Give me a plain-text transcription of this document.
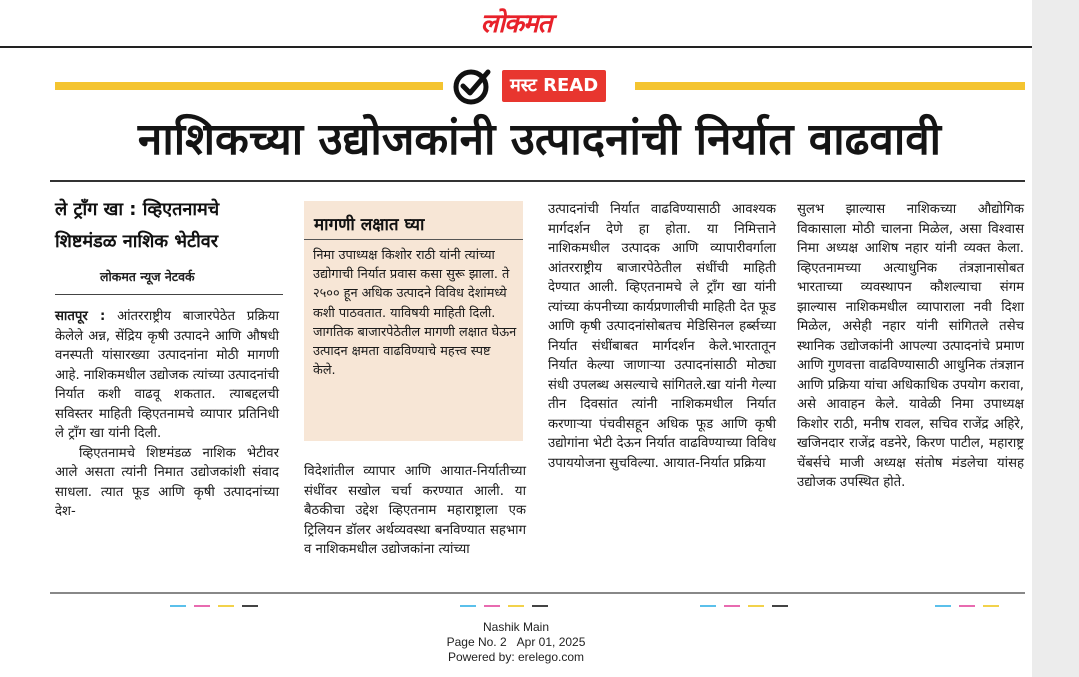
लोकमत
मस्ट READ
नाशिकच्या उद्योजकांनी उत्पादनांची निर्यात वाढवावी
ले ट्रॉंग खा : व्हिएतनामचे
शिष्टमंडळ नाशिक भेटीवर
लोकमत न्यूज नेटवर्क

सातपूर : आंतरराष्ट्रीय बाजारपेठेत प्रक्रिया केलेले अन्न, सेंद्रिय कृषी उत्पादने आणि औषधी वनस्पती यांसारख्या उत्पादनांना मोठी मागणी आहे. नाशिकमधील उद्योजक त्यांच्या उत्पादनांची निर्यात कशी वाढवू शकतात. त्याबद्दलची सविस्तर माहिती व्हिएतनामचे व्यापार प्रतिनिधी ले ट्रॉंग खा यांनी दिली.

व्हिएतनामचे शिष्टमंडळ नाशिक भेटीवर आले असता त्यांनी निमात उद्योजकांशी संवाद साधला. त्यात फूड आणि कृषी उत्पादनांच्या देश-

मागणी लक्षात घ्या
निमा उपाध्यक्ष किशोर राठी यांनी त्यांच्या उद्योगाची निर्यात प्रवास कसा सुरू झाला. ते २५०० हून अधिक उत्पादने विविध देशांमध्ये कशी पाठवतात. याविषयी माहिती दिली. जागतिक बाजारपेठेतील मागणी लक्षात घेऊन उत्पादन क्षमता वाढविण्याचे महत्त्व स्पष्ट केले.

विदेशांतील व्यापार आणि आयात-निर्यातीच्या संधींवर सखोल चर्चा करण्यात आली. या बैठकीचा उद्देश व्हिएतनाम महाराष्ट्राला एक ट्रिलियन डॉलर अर्थव्यवस्था बनविण्यात सहभाग व नाशिकमधील उद्योजकांना त्यांच्या

उत्पादनांची निर्यात वाढविण्यासाठी आवश्यक मार्गदर्शन देणे हा होता. या निमित्ताने नाशिकमधील उत्पादक आणि व्यापारीवर्गाला आंतरराष्ट्रीय बाजारपेठेतील संधींची माहिती देण्यात आली. व्हिएतनामचे ले ट्रॉंग खा यांनी त्यांच्या कंपनीच्या कार्यप्रणालीची माहिती देत फूड आणि कृषी उत्पादनांसोबतच मेडिसिनल हर्ब्सच्या निर्यात संधींबाबत मार्गदर्शन केले.भारतातून निर्यात केल्या जाणाऱ्या उत्पादनांसाठी मोठ्या संधी उपलब्ध असल्याचे सांगितले.खा यांनी गेल्या तीन दिवसांत त्यांनी नाशिकमधील निर्यात करणाऱ्या पंचवीसहून अधिक फूड आणि कृषी उद्योगांना भेटी देऊन निर्यात वाढविण्याच्या विविध उपाययोजना सुचविल्या. आयात-निर्यात प्रक्रिया

सुलभ झाल्यास नाशिकच्या औद्योगिक विकासाला मोठी चालना मिळेल, असा विश्वास निमा अध्यक्ष आशिष नहार यांनी व्यक्त केला. व्हिएतनामच्या अत्याधुनिक तंत्रज्ञानासोबत भारताच्या व्यवस्थापन कौशल्याचा संगम झाल्यास नाशिकमधील व्यापाराला नवी दिशा मिळेल, असेही नहार यांनी सांगितले तसेच स्थानिक उद्योजकांनी आपल्या उत्पादनांचे प्रमाण आणि गुणवत्ता वाढविण्यासाठी आधुनिक तंत्रज्ञान आणि प्रक्रिया यांचा अधिकाधिक उपयोग करावा, असे आवाहन केले. यावेळी निमा उपाध्यक्ष किशोर राठी, मनीष रावल, सचिव राजेंद्र अहिरे, खजिनदार राजेंद्र वडनेरे, किरण पाटील, महाराष्ट्र चेंबर्सचे माजी अध्यक्ष संतोष मंडलेचा यांसह उद्योजक उपस्थित होते.

Nashik Main
Page No. 2 Apr 01, 2025
Powered by: erelego.com
